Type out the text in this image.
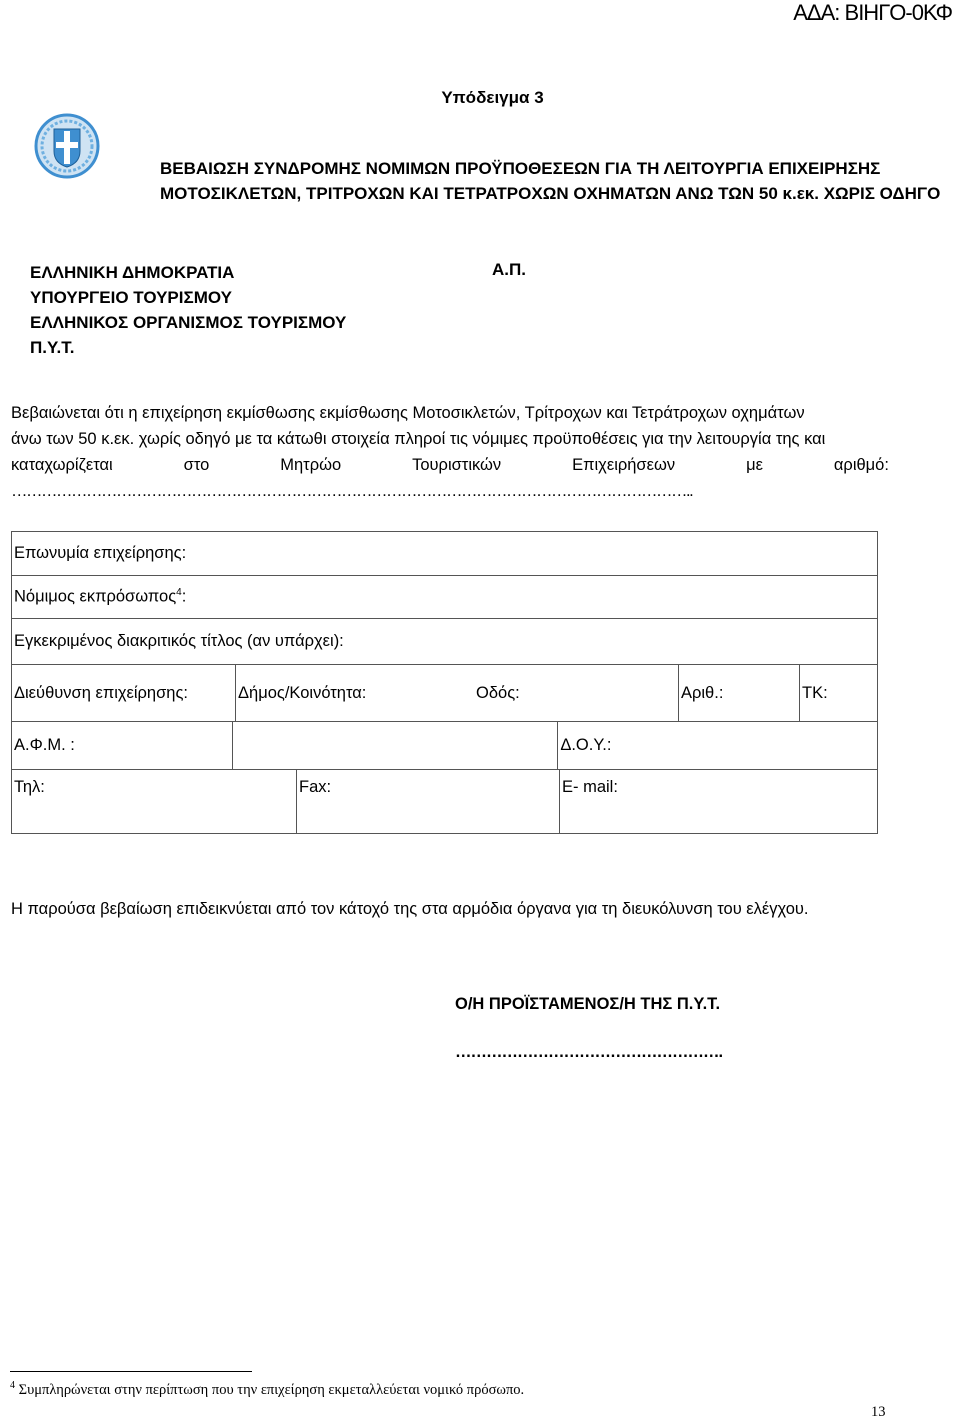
ΑΔΑ: ΒΙΗΓΟ-0ΚΦ
Υπόδειγμα 3
ΒΕΒΑΙΩΣΗ ΣΥΝΔΡΟΜΗΣ ΝΟΜΙΜΩΝ ΠΡΟΫΠΟΘΕΣΕΩΝ ΓΙΑ ΤΗ ΛΕΙΤΟΥΡΓΙΑ ΕΠΙΧΕΙΡΗΣΗΣ
ΜΟΤΟΣΙΚΛΕΤΩΝ, ΤΡΙΤΡΟΧΩΝ ΚΑΙ ΤΕΤΡΑΤΡΟΧΩΝ ΟΧΗΜΑΤΩΝ ΑΝΩ ΤΩΝ 50 κ.εκ. ΧΩΡΙΣ ΟΔΗΓΟ
ΕΛΛΗΝΙΚΗ ΔΗΜΟΚΡΑΤΙΑ
ΥΠΟΥΡΓΕΙΟ ΤΟΥΡΙΣΜΟΥ
ΕΛΛΗΝΙΚΟΣ ΟΡΓΑΝΙΣΜΟΣ ΤΟΥΡΙΣΜΟΥ
Π.Υ.Τ.
Α.Π.
Βεβαιώνεται ότι η επιχείρηση εκμίσθωσης εκμίσθωσης Μοτοσικλετών, Τρίτροχων και Τετράτροχων οχημάτων
άνω των 50 κ.εκ. χωρίς οδηγό με τα κάτωθι στοιχεία πληροί τις νόμιμες προϋποθέσεις για την λειτουργία της και
καταχωρίζεται	στο	Μητρώο	Τουριστικών	Επιχειρήσεων	με	αριθμό:
………………………………………………………………………………………………………………………..
Επωνυμία επιχείρησης:
Νόμιμος εκπρόσωπος$^4$:
Εγκεκριμένος διακριτικός τίτλος (αν υπάρχει):

Διεύθυνση επιχείρησης:	Δήμος/Κοινότητα:	Οδός:	Αριθ.:	ΤΚ:

Α.Φ.Μ. :		Δ.Ο.Υ.:

Τηλ:	Fax:	E- mail:
Η παρούσα βεβαίωση επιδεικνύεται από τον κάτοχό της στα αρμόδια όργανα για τη διευκόλυνση του ελέγχου.
Ο/Η ΠΡΟΪΣΤΑΜΕΝΟΣ/Η ΤΗΣ Π.Υ.Τ.
…………………………………………….
$^4$ Συμπληρώνεται στην περίπτωση που την επιχείρηση εκμεταλλεύεται νομικό πρόσωπο.
13
